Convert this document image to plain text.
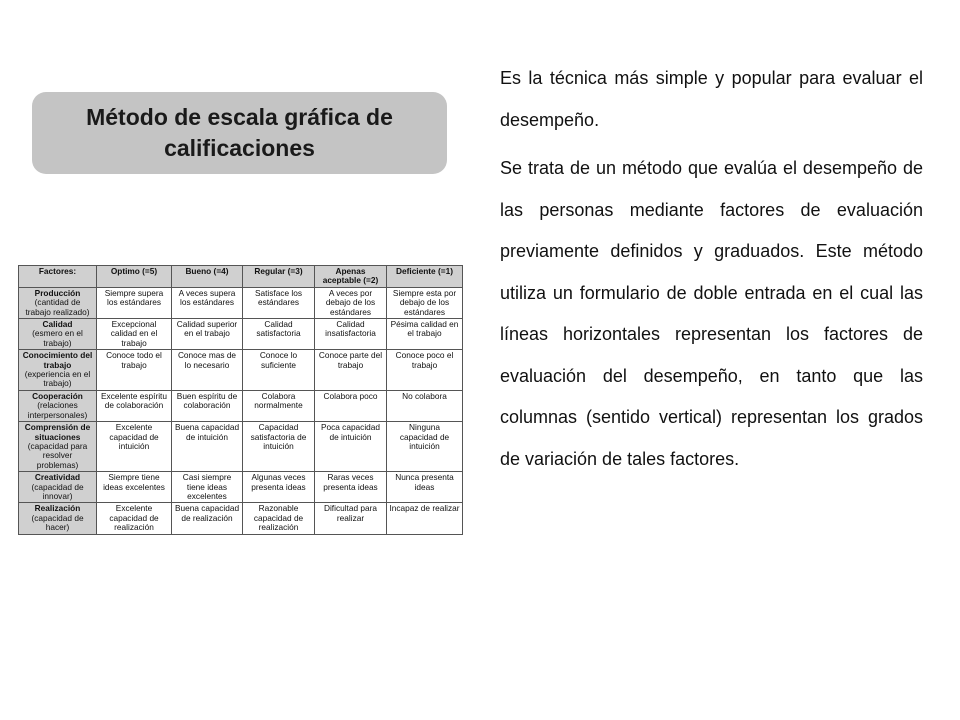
Método de escala gráfica de calificaciones
Factores:	Optimo (=5)	Bueno (=4)	Regular (=3)	Apenas aceptable (=2)	Deficiente (=1)

Producción
(cantidad de trabajo realizado)	Siempre supera los estándares	A veces supera los estándares	Satisface los estándares	A veces por debajo de los estándares	Siempre esta por debajo de los estándares

Calidad
(esmero en el trabajo)	Excepcional calidad en el trabajo	Calidad superior en el trabajo	Calidad satisfactoria	Calidad insatisfactoria	Pésima calidad en el trabajo

Conocimiento del trabajo
(experiencia en el trabajo)	Conoce todo el trabajo	Conoce mas de lo necesario	Conoce lo suficiente	Conoce parte del trabajo	Conoce poco el trabajo

Cooperación
(relaciones interpersonales)	Excelente espíritu de colaboración	Buen espíritu de colaboración	Colabora normalmente	Colabora poco	No colabora

Comprensión de situaciones
(capacidad para resolver problemas)	Excelente capacidad de intuición	Buena capacidad de intuición	Capacidad satisfactoria de intuición	Poca capacidad de intuición	Ninguna capacidad de intuición

Creatividad
(capacidad de innovar)	Siempre tiene ideas excelentes	Casi siempre tiene ideas excelentes	Algunas veces presenta ideas	Raras veces presenta ideas	Nunca presenta ideas

Realización
(capacidad de hacer)	Excelente capacidad de realización	Buena capacidad de realización	Razonable capacidad de realización	Dificultad para realizar	Incapaz de realizar

Es la técnica más simple y popular para evaluar el desempeño.

Se trata de un método que evalúa el desempeño de las personas mediante factores de evaluación previamente definidos y graduados. Este método utiliza un formulario de doble entrada en el cual las líneas horizontales representan los factores de evaluación del desempeño, en tanto que las columnas (sentido vertical) representan los grados de variación de tales factores.
